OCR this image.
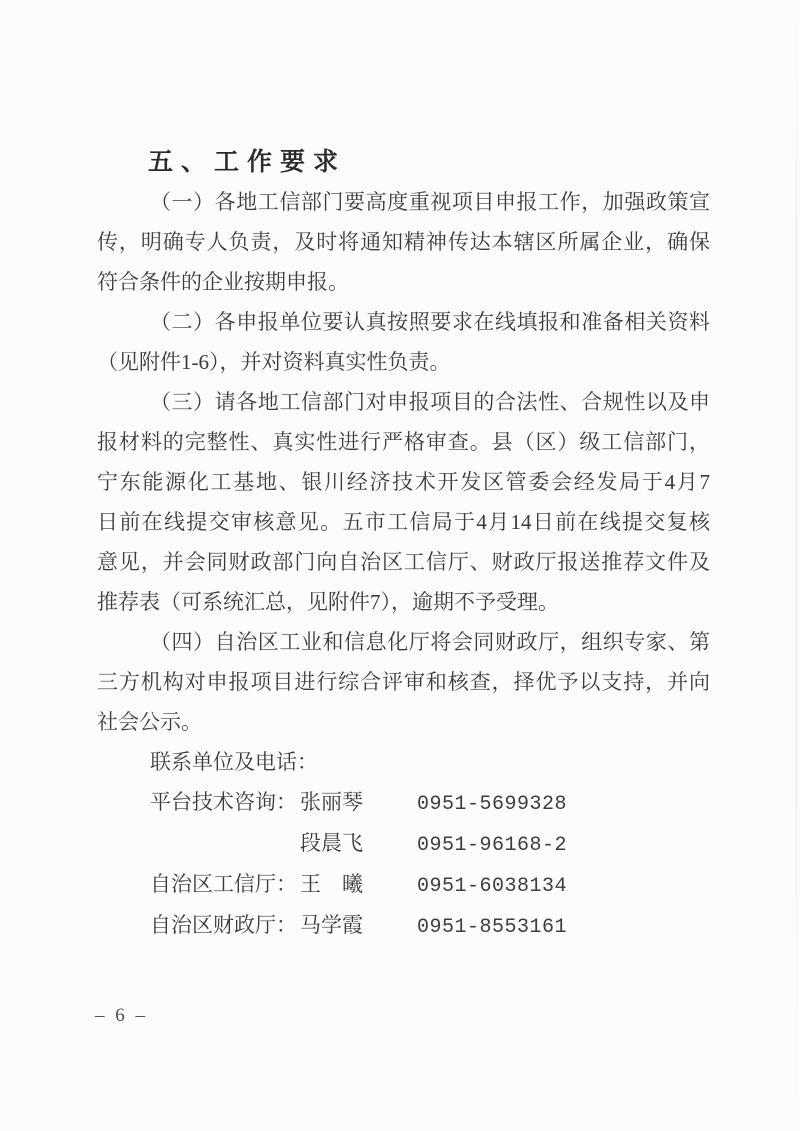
五、工作要求
（一）各地工信部门要高度重视项目申报工作，加强政策宣
传，明确专人负责，及时将通知精神传达本辖区所属企业，确保
符合条件的企业按期申报。
（二）各申报单位要认真按照要求在线填报和准备相关资料
（见附件1-6），并对资料真实性负责。
（三）请各地工信部门对申报项目的合法性、合规性以及申
报材料的完整性、真实性进行严格审查。县（区）级工信部门，
宁东能源化工基地、银川经济技术开发区管委会经发局于4月7
日前在线提交审核意见。五市工信局于4月14日前在线提交复核
意见，并会同财政部门向自治区工信厅、财政厅报送推荐文件及
推荐表（可系统汇总，见附件7），逾期不予受理。
（四）自治区工业和信息化厅将会同财政厅，组织专家、第
三方机构对申报项目进行综合评审和核查，择优予以支持，并向
社会公示。
联系单位及电话：
平台技术咨询： 张丽琴	0951-5699328
段晨飞	0951-96168-2
自治区工信厅： 王　曦	0951-6038134
自治区财政厅： 马学霞	0951-8553161
– 6 –
